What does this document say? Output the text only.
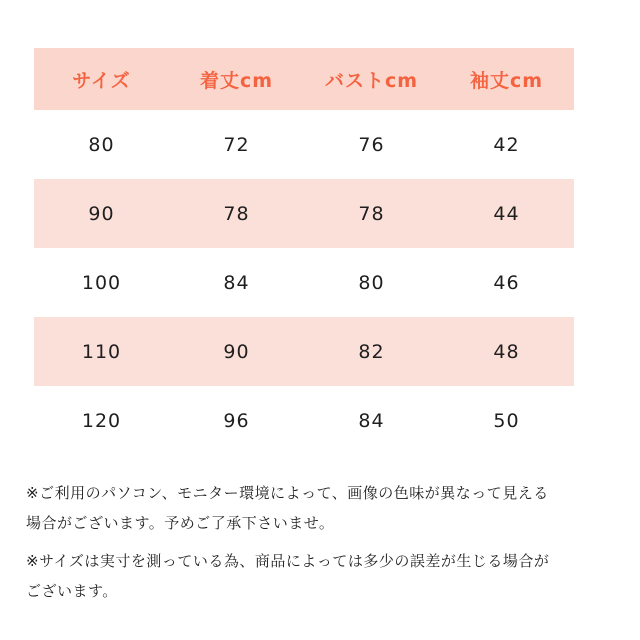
サイズ	着丈cm	バストcm	袖丈cm
80	72	76	42
90	78	78	44
100	84	80	46
110	90	82	48
120	96	84	50
※ご利用のパソコン、モニター環境によって、画像の色味が異なって見える
場合がございます。予めご了承下さいませ。
※サイズは実寸を測っている為、商品によっては多少の誤差が生じる場合が
ございます。
